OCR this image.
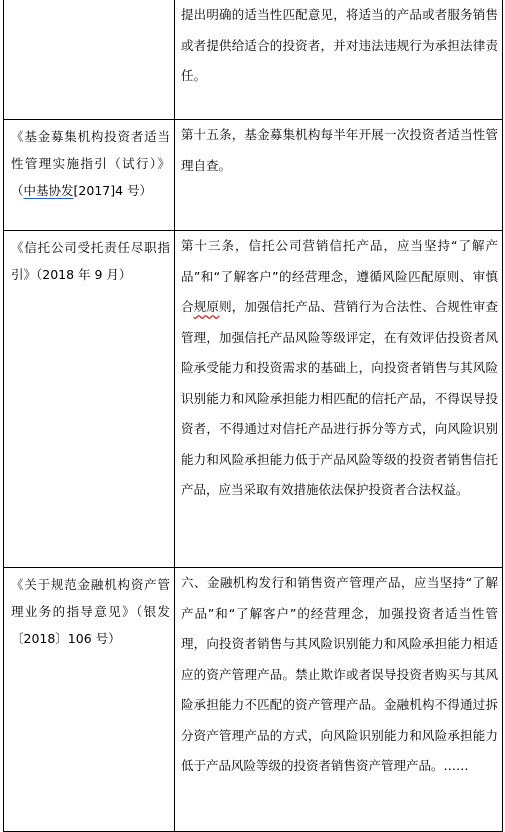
	提出明确的适当性匹配意见，将适当的产品或者服务销售或者提供给适合的投资者，并对违法违规行为承担法律责任。

《基金募集机构投资者适当性管理实施指引（试行）》（中基协发[2017]4 号）	第十五条，基金募集机构每半年开展一次投资者适当性管理自查。

《信托公司受托责任尽职指引》（2018 年 9 月）	第十三条，信托公司营销信托产品，应当坚持“了解产品”和“了解客户”的经营理念，遵循风险匹配原则、审慎合规原则，加强信托产品、营销行为合法性、合规性审查管理，加强信托产品风险等级评定，在有效评估投资者风险承受能力和投资需求的基础上，向投资者销售与其风险识别能力和风险承担能力相匹配的信托产品，不得误导投资者，不得通过对信托产品进行拆分等方式，向风险识别能力和风险承担能力低于产品风险等级的投资者销售信托产品，应当采取有效措施依法保护投资者合法权益。

《关于规范金融机构资产管理业务的指导意见》（银发〔2018〕106 号）	六、金融机构发行和销售资产管理产品，应当坚持“了解产品”和“了解客户”的经营理念，加强投资者适当性管理，向投资者销售与其风险识别能力和风险承担能力相适应的资产管理产品。禁止欺诈或者误导投资者购买与其风险承担能力不匹配的资产管理产品。金融机构不得通过拆分资产管理产品的方式，向风险识别能力和风险承担能力低于产品风险等级的投资者销售资产管理产品。……
